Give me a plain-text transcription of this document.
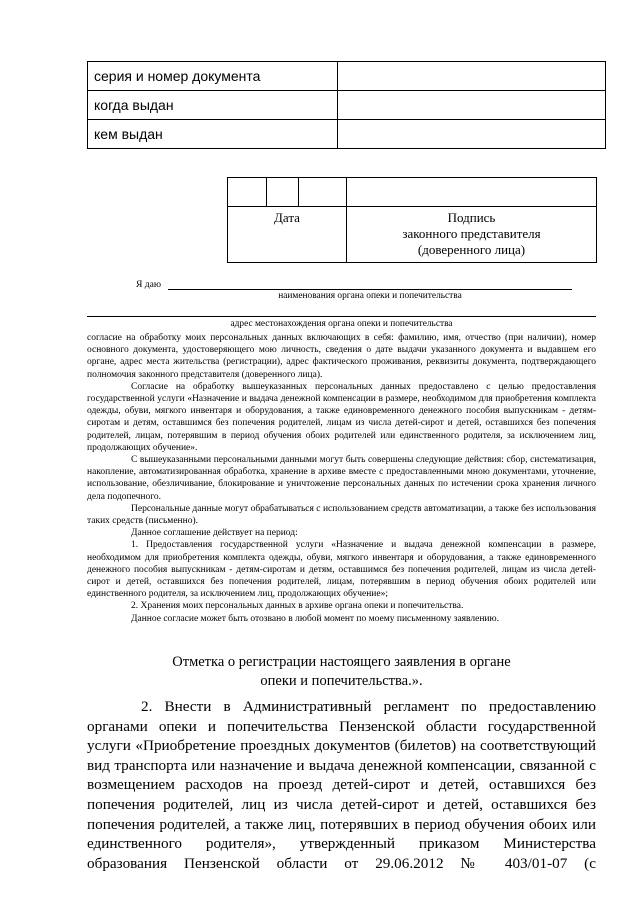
серия и номер документа	
когда выдан	
кем выдан	

Дата			Подпись
законного представителя
(доверенного лица)
Я даю
наименования органа опеки и попечительства
адрес местонахождения органа опеки и попечительства

согласие на обработку моих персональных данных включающих в себя: фамилию, имя, отчество (при наличии), номер основного документа, удостоверяющего мою личность, сведения о дате выдачи указанного документа и выдавшем его органе, адрес места жительства (регистрации), адрес фактического проживания, реквизиты документа, подтверждающего полномочия законного представителя (доверенного лица).

Согласие на обработку вышеуказанных персональных данных предоставлено с целью предоставления государственной услуги «Назначение и выдача денежной компенсации в размере, необходимом для приобретения комплекта одежды, обуви, мягкого инвентаря и оборудования, а также единовременного денежного пособия выпускникам - детям-сиротам и детям, оставшимся без попечения родителей, лицам из числа детей-сирот и детей, оставшихся без попечения родителей, лицам, потерявшим в период обучения обоих родителей или единственного родителя, за исключением лиц, продолжающих обучение».

С вышеуказанными персональными данными могут быть совершены следующие действия: сбор, систематизация, накопление, автоматизированная обработка, хранение в архиве вместе с предоставленными мною документами, уточнение, использование, обезличивание, блокирование и уничтожение персональных данных по истечении срока хранения личного дела подопечного.

Персональные данные могут обрабатываться с использованием средств автоматизации, а также без использования таких средств (письменно).

Данное соглашение действует на период:

1. Предоставления государственной услуги «Назначение и выдача денежной компенсации в размере, необходимом для приобретения комплекта одежды, обуви, мягкого инвентаря и оборудования, а также единовременного денежного пособия выпускникам - детям-сиротам и детям, оставшимся без попечения родителей, лицам из числа детей-сирот и детей, оставшихся без попечения родителей, лицам, потерявшим в период обучения обоих родителей или единственного родителя, за исключением лиц, продолжающих обучение»;

2. Хранения моих персональных данных в архиве органа опеки и попечительства.

Данное согласие может быть отозвано в любой момент по моему письменному заявлению.

Отметка о регистрации настоящего заявления в органе
опеки и попечительства.».

2. Внести в Административный регламент по предоставлению органами опеки и попечительства Пензенской области государственной услуги «Приобретение проездных документов (билетов) на соответствующий вид транспорта или назначение и выдача денежной компенсации, связанной с возмещением расходов на проезд детей-сирот и детей, оставшихся без попечения родителей, лиц из числа детей-сирот и детей, оставшихся без попечения родителей, а также лиц, потерявших в период обучения обоих или единственного родителя», утвержденный приказом Министерства образования Пензенской области от 29.06.2012 № 403/01-07 (с
